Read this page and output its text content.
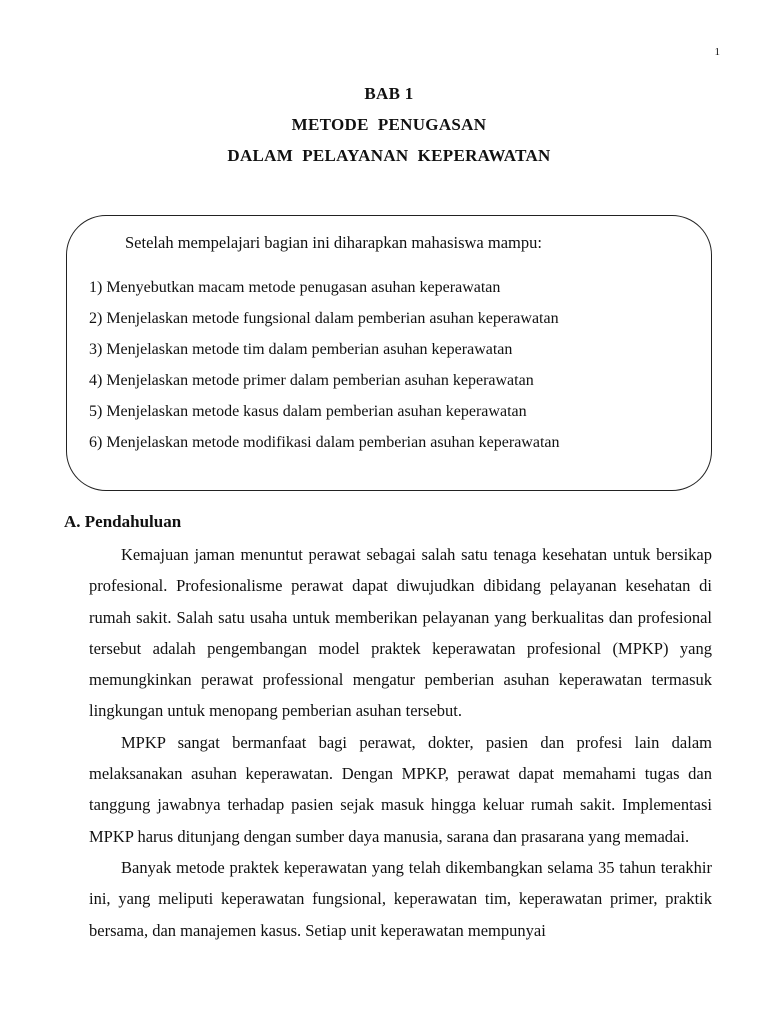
1
BAB 1
METODE  PENUGASAN
DALAM  PELAYANAN  KEPERAWATAN
Setelah mempelajari bagian ini diharapkan mahasiswa mampu:
1) Menyebutkan macam metode penugasan asuhan keperawatan
2) Menjelaskan metode fungsional dalam pemberian asuhan keperawatan
3) Menjelaskan metode tim dalam pemberian asuhan keperawatan
4) Menjelaskan metode primer dalam pemberian asuhan keperawatan
5) Menjelaskan metode kasus dalam pemberian asuhan keperawatan
6) Menjelaskan metode modifikasi dalam pemberian asuhan keperawatan
A. Pendahuluan

Kemajuan jaman menuntut perawat sebagai salah satu tenaga kesehatan untuk bersikap profesional. Profesionalisme perawat dapat diwujudkan dibidang pelayanan kesehatan di rumah sakit. Salah satu usaha untuk memberikan pelayanan yang berkualitas dan profesional tersebut adalah pengembangan model praktek keperawatan profesional (MPKP) yang memungkinkan perawat professional mengatur pemberian asuhan keperawatan termasuk lingkungan untuk menopang pemberian asuhan tersebut.

MPKP sangat bermanfaat bagi perawat, dokter, pasien dan profesi lain dalam melaksanakan asuhan keperawatan. Dengan MPKP, perawat dapat memahami tugas dan tanggung jawabnya terhadap pasien sejak masuk hingga keluar rumah sakit. Implementasi MPKP harus ditunjang dengan sumber daya manusia, sarana dan prasarana yang memadai.

Banyak metode praktek keperawatan yang telah dikembangkan selama 35 tahun terakhir ini, yang meliputi keperawatan fungsional, keperawatan tim, keperawatan primer, praktik bersama, dan manajemen kasus. Setiap unit keperawatan mempunyai
